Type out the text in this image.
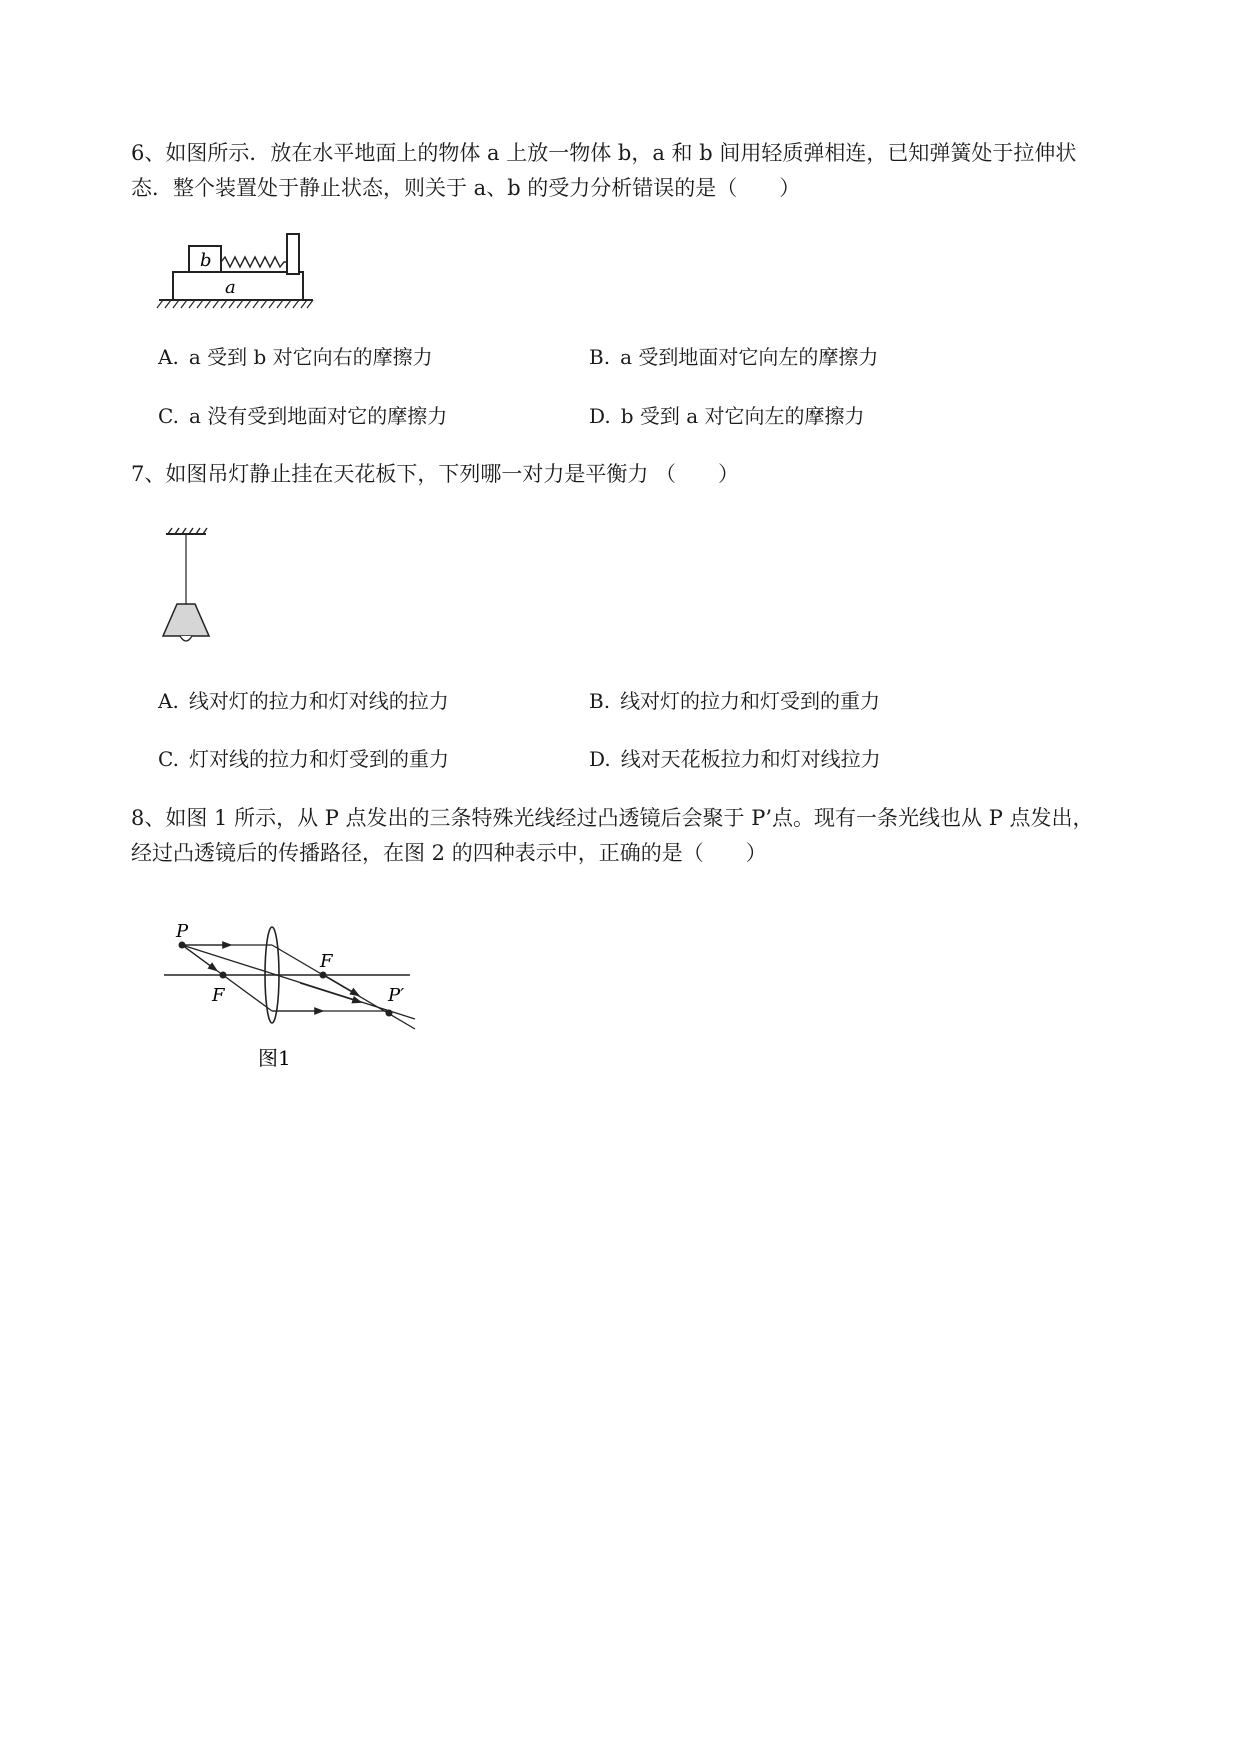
6、如图所示．放在水平地面上的物体 a 上放一物体 b，a 和 b 间用轻质弹相连，已知弹簧处于拉伸状
态．整个装置处于静止状态，则关于 a、b 的受力分析错误的是（　　）
b
a
A. a 受到 b 对它向右的摩擦力	B. a 受到地面对它向左的摩擦力
C. a 没有受到地面对它的摩擦力	D. b 受到 a 对它向左的摩擦力
7、如图吊灯静止挂在天花板下，下列哪一对力是平衡力 （　　）
A. 线对灯的拉力和灯对线的拉力	B. 线对灯的拉力和灯受到的重力
C. 灯对线的拉力和灯受到的重力	D. 线对天花板拉力和灯对线拉力
8、如图 1 所示，从 P 点发出的三条特殊光线经过凸透镜后会聚于 P’点。现有一条光线也从 P 点发出，
经过凸透镜后的传播路径，在图 2 的四种表示中，正确的是（　　）
P
F
F
P′
图1
